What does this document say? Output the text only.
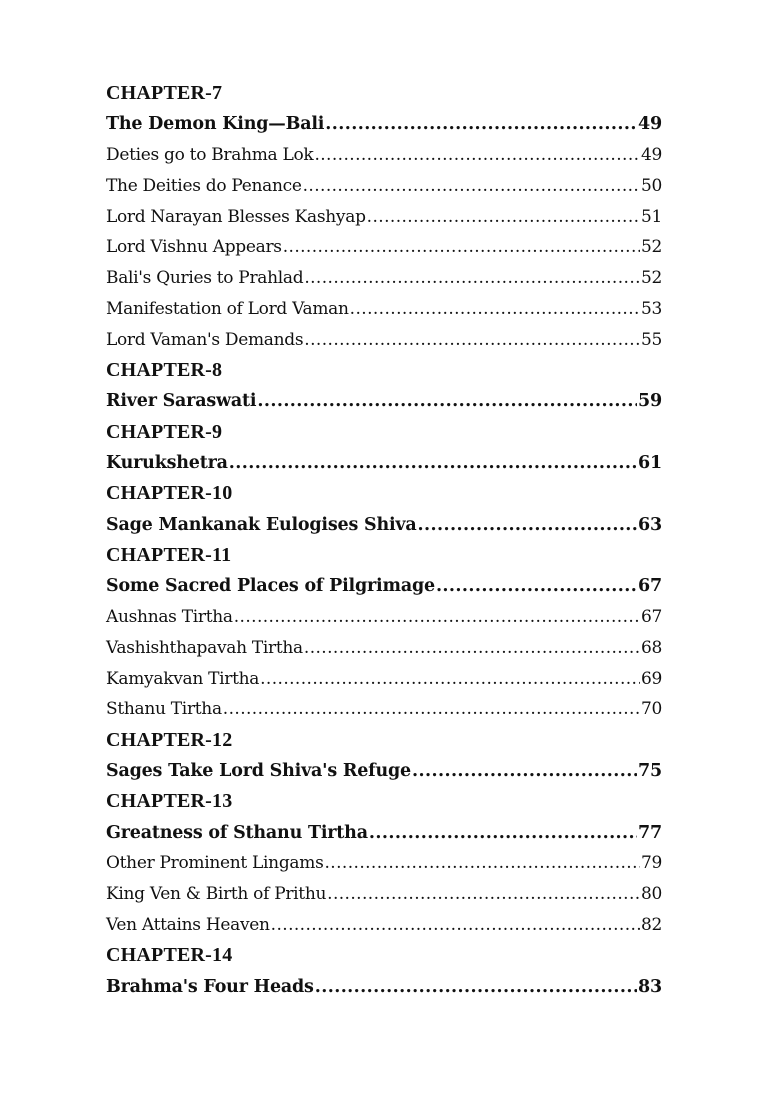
CHAPTER-7
The Demon King—Bali .....	49
Deties go to Brahma Lok .....	49
The Deities do Penance .....	50
Lord Narayan Blesses Kashyap .....	51
Lord Vishnu Appears .....	52
Bali's Quries to Prahlad .....	52
Manifestation of Lord Vaman .....	53
Lord Vaman's Demands .....	55
CHAPTER-8
River Saraswati .....	59
CHAPTER-9
Kurukshetra .....	61
CHAPTER-10
Sage Mankanak Eulogises Shiva .....	63
CHAPTER-11
Some Sacred Places of Pilgrimage .....	67
Aushnas Tirtha .....	67
Vashishthapavah Tirtha .....	68
Kamyakvan Tirtha .....	69
Sthanu Tirtha .....	70
CHAPTER-12
Sages Take Lord Shiva's Refuge .....	75
CHAPTER-13
Greatness of Sthanu Tirtha .....	77
Other Prominent Lingams .....	79
King Ven & Birth of Prithu .....	80
Ven Attains Heaven .....	82
CHAPTER-14
Brahma's Four Heads .....	83
